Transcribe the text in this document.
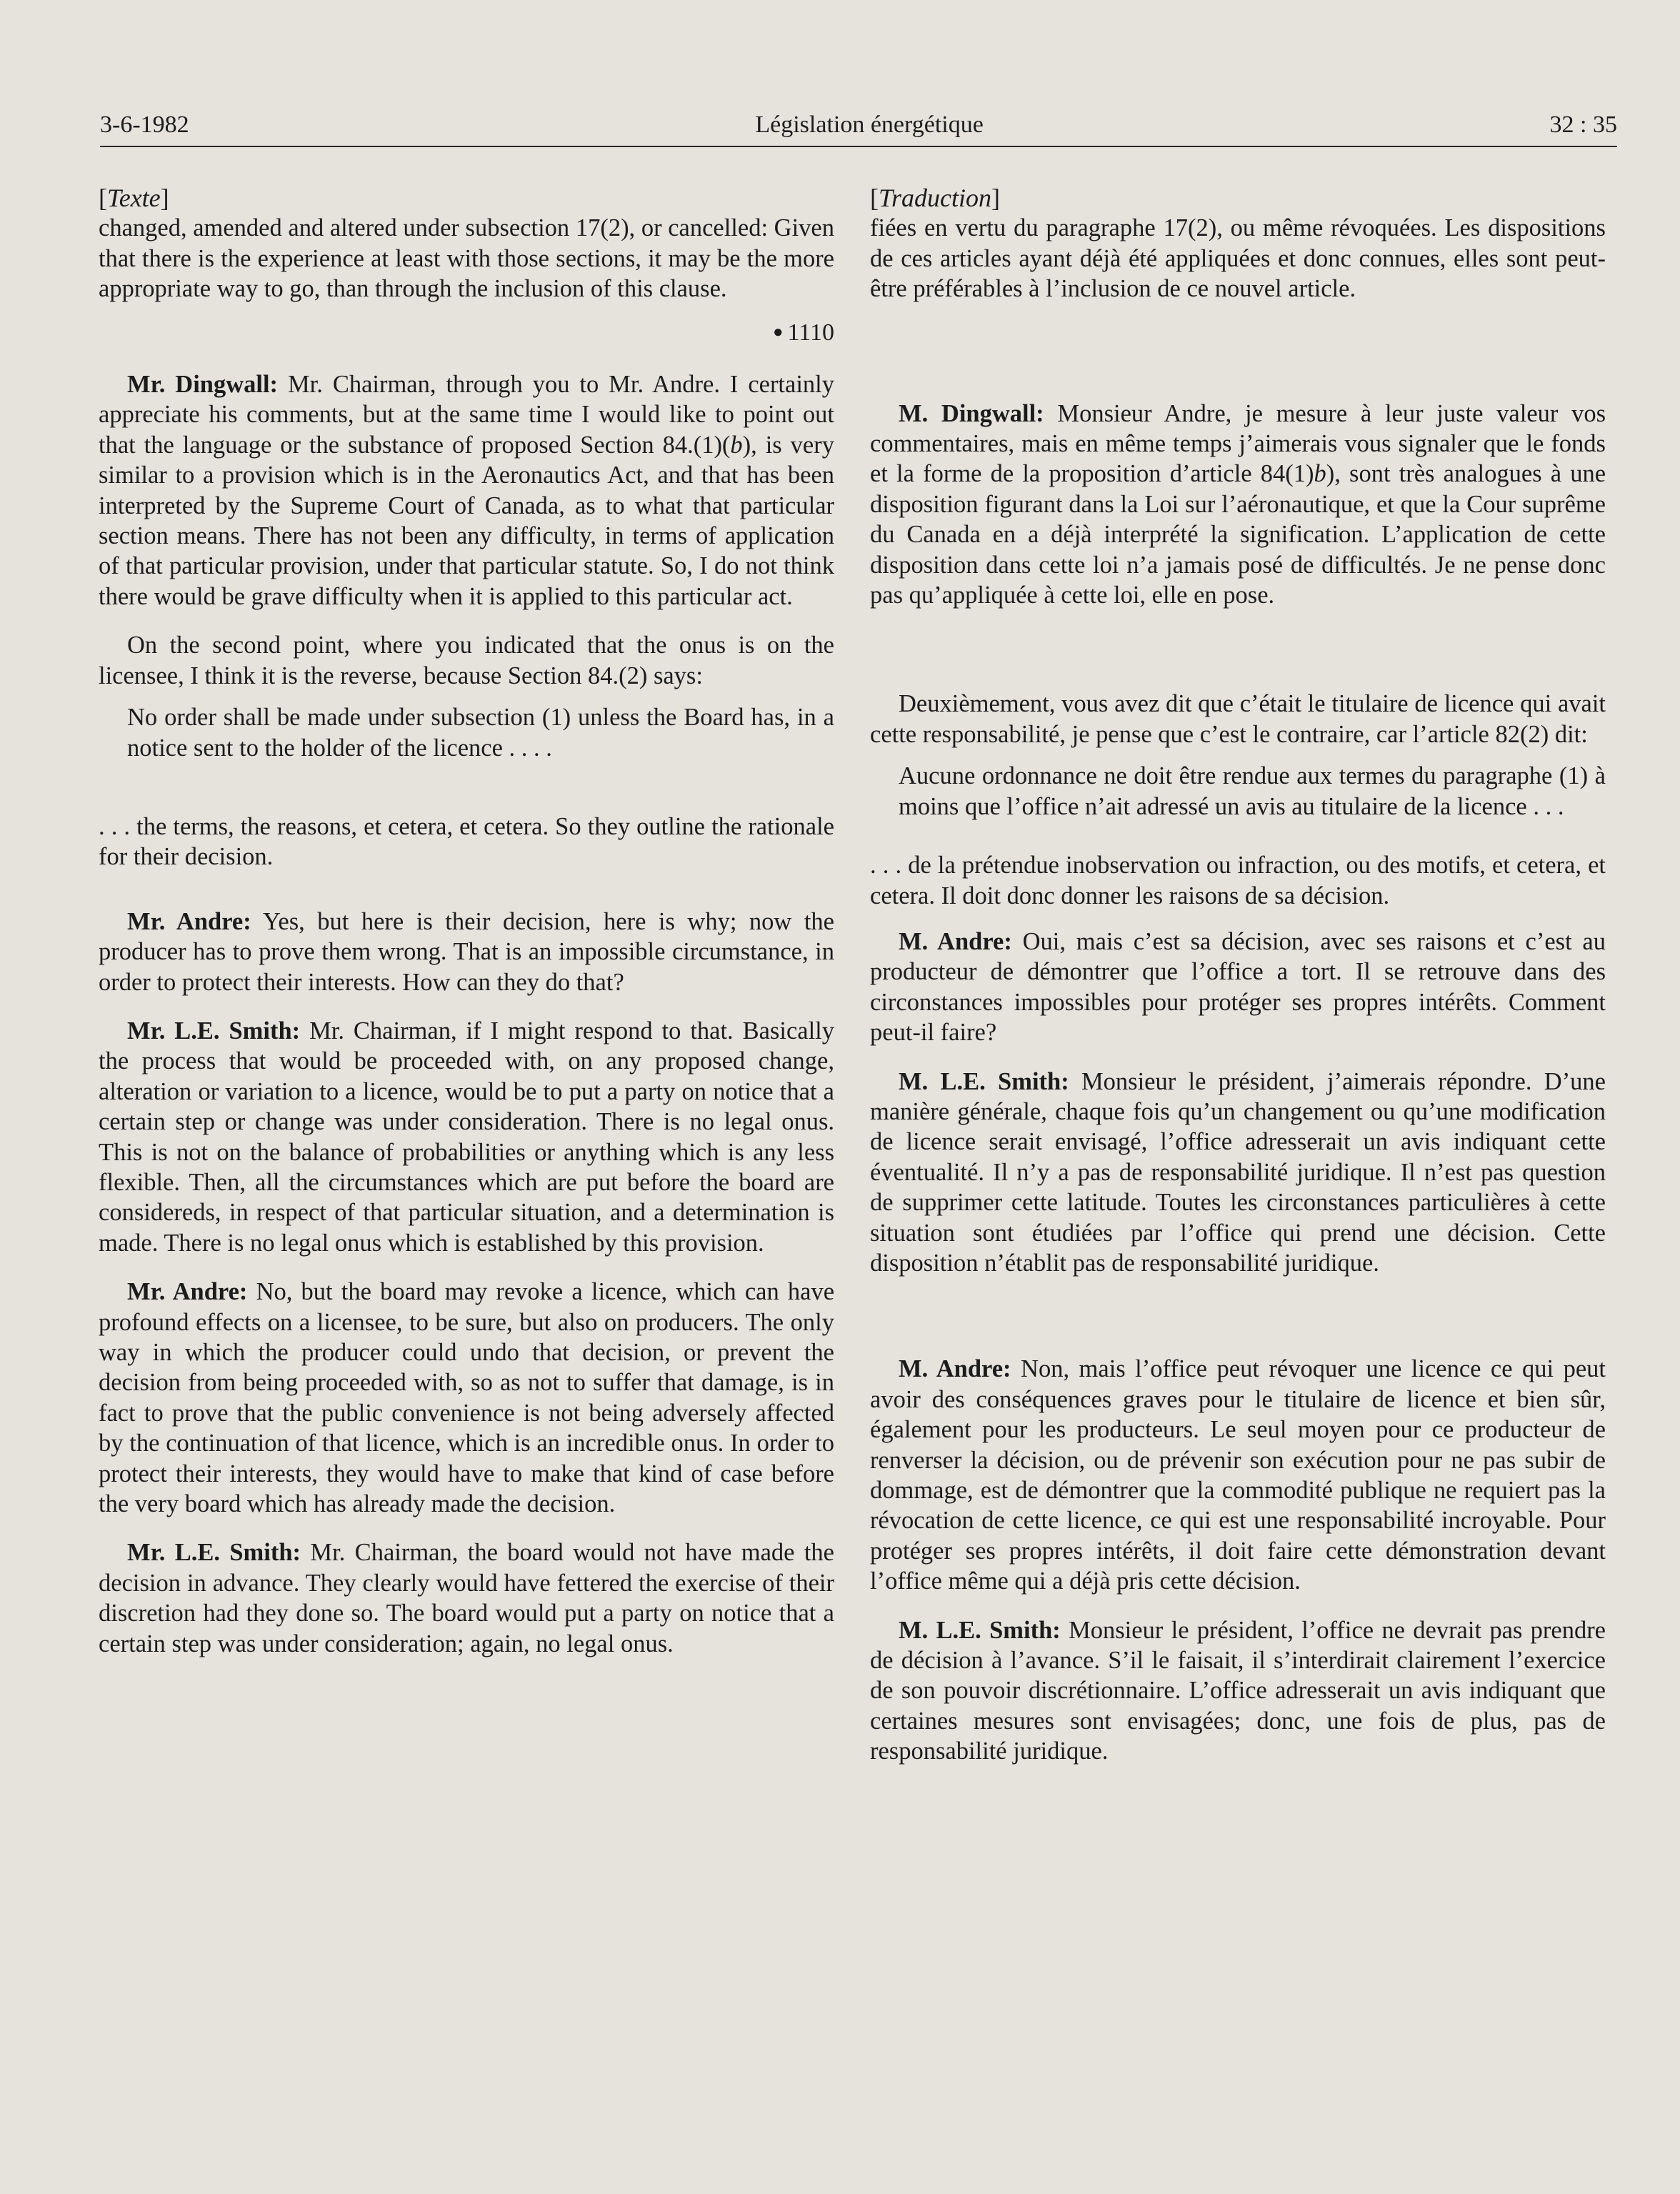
3-6-1982	Législation énergétique	32 : 35

[Texte]

changed, amended and altered under subsection 17(2), or cancelled: Given that there is the experience at least with those sections, it may be the more appropriate way to go, than through the inclusion of this clause.

● 1110

Mr. Dingwall: Mr. Chairman, through you to Mr. Andre. I certainly appreciate his comments, but at the same time I would like to point out that the language or the substance of proposed Section 84.(1)(b), is very similar to a provision which is in the Aeronautics Act, and that has been interpreted by the Supreme Court of Canada, as to what that particular section means. There has not been any difficulty, in terms of application of that particular provision, under that particular statute. So, I do not think there would be grave difficulty when it is applied to this particular act.

On the second point, where you indicated that the onus is on the licensee, I think it is the reverse, because Section 84.(2) says:

No order shall be made under subsection (1) unless the Board has, in a notice sent to the holder of the licence . . . .

. . . the terms, the reasons, et cetera, et cetera. So they outline the rationale for their decision.

Mr. Andre: Yes, but here is their decision, here is why; now the producer has to prove them wrong. That is an impossible circumstance, in order to protect their interests. How can they do that?

Mr. L.E. Smith: Mr. Chairman, if I might respond to that. Basically the process that would be proceeded with, on any proposed change, alteration or variation to a licence, would be to put a party on notice that a certain step or change was under consideration. There is no legal onus. This is not on the balance of probabilities or anything which is any less flexible. Then, all the circumstances which are put before the board are considereds, in respect of that particular situation, and a determination is made. There is no legal onus which is established by this provision.

Mr. Andre: No, but the board may revoke a licence, which can have profound effects on a licensee, to be sure, but also on producers. The only way in which the producer could undo that decision, or prevent the decision from being proceeded with, so as not to suffer that damage, is in fact to prove that the public convenience is not being adversely affected by the continuation of that licence, which is an incredible onus. In order to protect their interests, they would have to make that kind of case before the very board which has already made the decision.

Mr. L.E. Smith: Mr. Chairman, the board would not have made the decision in advance. They clearly would have fettered the exercise of their discretion had they done so. The board would put a party on notice that a certain step was under consideration; again, no legal onus.

[Traduction]

fiées en vertu du paragraphe 17(2), ou même révoquées. Les dispositions de ces articles ayant déjà été appliquées et donc connues, elles sont peut-être préférables à l’inclusion de ce nouvel article.

M. Dingwall: Monsieur Andre, je mesure à leur juste valeur vos commentaires, mais en même temps j’aimerais vous signaler que le fonds et la forme de la proposition d’article 84(1)b), sont très analogues à une disposition figurant dans la Loi sur l’aéronautique, et que la Cour suprême du Canada en a déjà interprété la signification. L’application de cette disposition dans cette loi n’a jamais posé de difficultés. Je ne pense donc pas qu’appliquée à cette loi, elle en pose.

Deuxièmement, vous avez dit que c’était le titulaire de licence qui avait cette responsabilité, je pense que c’est le contraire, car l’article 82(2) dit:

Aucune ordonnance ne doit être rendue aux termes du paragraphe (1) à moins que l’office n’ait adressé un avis au titulaire de la licence . . .

. . . de la prétendue inobservation ou infraction, ou des motifs, et cetera, et cetera. Il doit donc donner les raisons de sa décision.

M. Andre: Oui, mais c’est sa décision, avec ses raisons et c’est au producteur de démontrer que l’office a tort. Il se retrouve dans des circonstances impossibles pour protéger ses propres intérêts. Comment peut-il faire?

M. L.E. Smith: Monsieur le président, j’aimerais répondre. D’une manière générale, chaque fois qu’un changement ou qu’une modification de licence serait envisagé, l’office adresserait un avis indiquant cette éventualité. Il n’y a pas de responsabilité juridique. Il n’est pas question de supprimer cette latitude. Toutes les circonstances particulières à cette situation sont étudiées par l’office qui prend une décision. Cette disposition n’établit pas de responsabilité juridique.

M. Andre: Non, mais l’office peut révoquer une licence ce qui peut avoir des conséquences graves pour le titulaire de licence et bien sûr, également pour les producteurs. Le seul moyen pour ce producteur de renverser la décision, ou de prévenir son exécution pour ne pas subir de dommage, est de démontrer que la commodité publique ne requiert pas la révocation de cette licence, ce qui est une responsabilité incroyable. Pour protéger ses propres intérêts, il doit faire cette démonstration devant l’office même qui a déjà pris cette décision.

M. L.E. Smith: Monsieur le président, l’office ne devrait pas prendre de décision à l’avance. S’il le faisait, il s’interdirait clairement l’exercice de son pouvoir discrétionnaire. L’office adresserait un avis indiquant que certaines mesures sont envisagées; donc, une fois de plus, pas de responsabilité juridique.
